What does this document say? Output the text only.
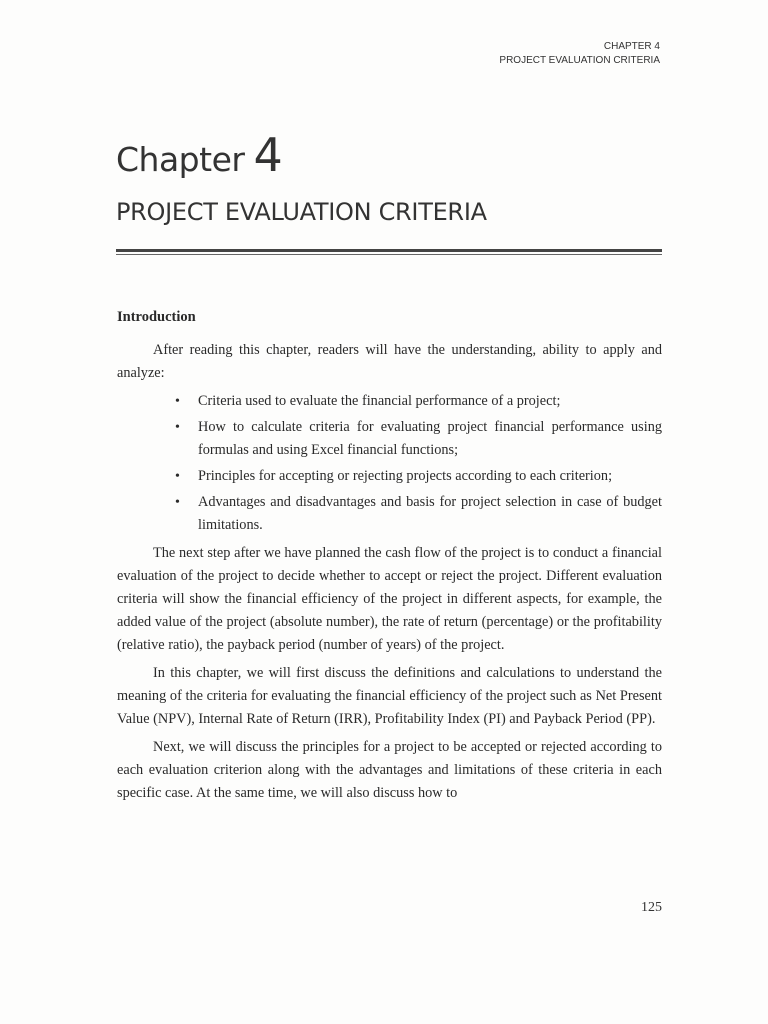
CHAPTER 4
PROJECT EVALUATION CRITERIA
Chapter 4
PROJECT EVALUATION CRITERIA
Introduction

After reading this chapter, readers will have the understanding, ability to apply and analyze:

• Criteria used to evaluate the financial performance of a project;
• How to calculate criteria for evaluating project financial performance using formulas and using Excel financial functions;
• Principles for accepting or rejecting projects according to each criterion;
• Advantages and disadvantages and basis for project selection in case of budget limitations.

The next step after we have planned the cash flow of the project is to conduct a financial evaluation of the project to decide whether to accept or reject the project. Different evaluation criteria will show the financial efficiency of the project in different aspects, for example, the added value of the project (absolute number), the rate of return (percentage) or the profitability (relative ratio), the payback period (number of years) of the project.

In this chapter, we will first discuss the definitions and calculations to understand the meaning of the criteria for evaluating the financial efficiency of the project such as Net Present Value (NPV), Internal Rate of Return (IRR), Profitability Index (PI) and Payback Period (PP).

Next, we will discuss the principles for a project to be accepted or rejected according to each evaluation criterion along with the advantages and limitations of these criteria in each specific case. At the same time, we will also discuss how to

125
